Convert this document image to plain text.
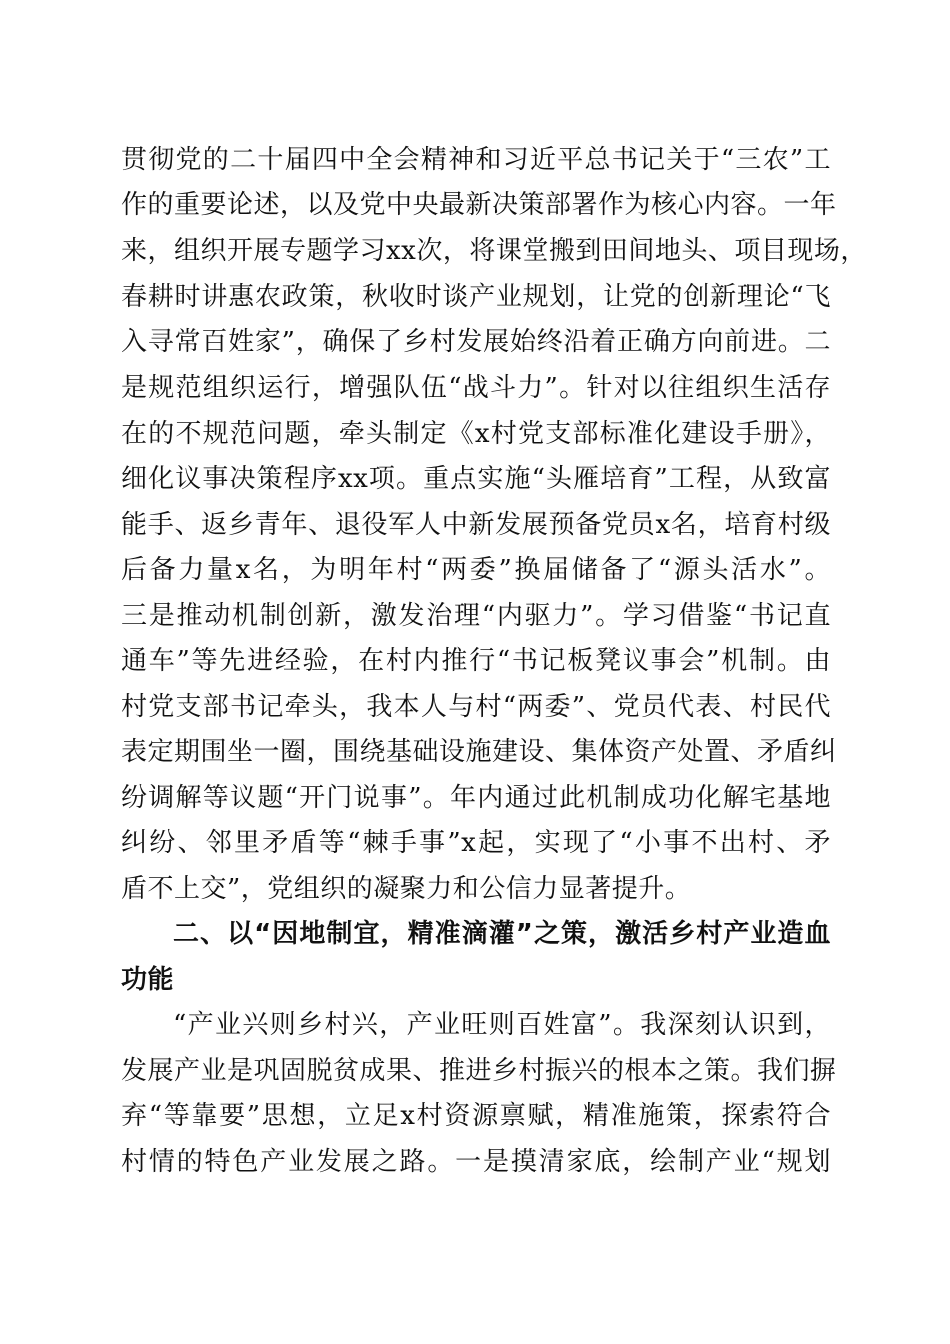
贯彻党的二十届四中全会精神和习近平总书记关于“三农”工
作的重要论述，以及党中央最新决策部署作为核心内容。一年
来，组织开展专题学习xx次，将课堂搬到田间地头、项目现场，
春耕时讲惠农政策，秋收时谈产业规划，让党的创新理论“飞
入寻常百姓家”，确保了乡村发展始终沿着正确方向前进。二
是规范组织运行，增强队伍“战斗力”。针对以往组织生活存
在的不规范问题，牵头制定《x村党支部标准化建设手册》，
细化议事决策程序xx项。重点实施“头雁培育”工程，从致富
能手、返乡青年、退役军人中新发展预备党员x名，培育村级
后备力量x名，为明年村“两委”换届储备了“源头活水”。
三是推动机制创新，激发治理“内驱力”。学习借鉴“书记直
通车”等先进经验，在村内推行“书记板凳议事会”机制。由
村党支部书记牵头，我本人与村“两委”、党员代表、村民代
表定期围坐一圈，围绕基础设施建设、集体资产处置、矛盾纠
纷调解等议题“开门说事”。年内通过此机制成功化解宅基地
纠纷、邻里矛盾等“棘手事”x起，实现了“小事不出村、矛
盾不上交”，党组织的凝聚力和公信力显著提升。
二、以“因地制宜，精准滴灌”之策，激活乡村产业造血
功能
“产业兴则乡村兴，产业旺则百姓富”。我深刻认识到，
发展产业是巩固脱贫成果、推进乡村振兴的根本之策。我们摒
弃“等靠要”思想，立足x村资源禀赋，精准施策，探索符合
村情的特色产业发展之路。一是摸清家底，绘制产业“规划
